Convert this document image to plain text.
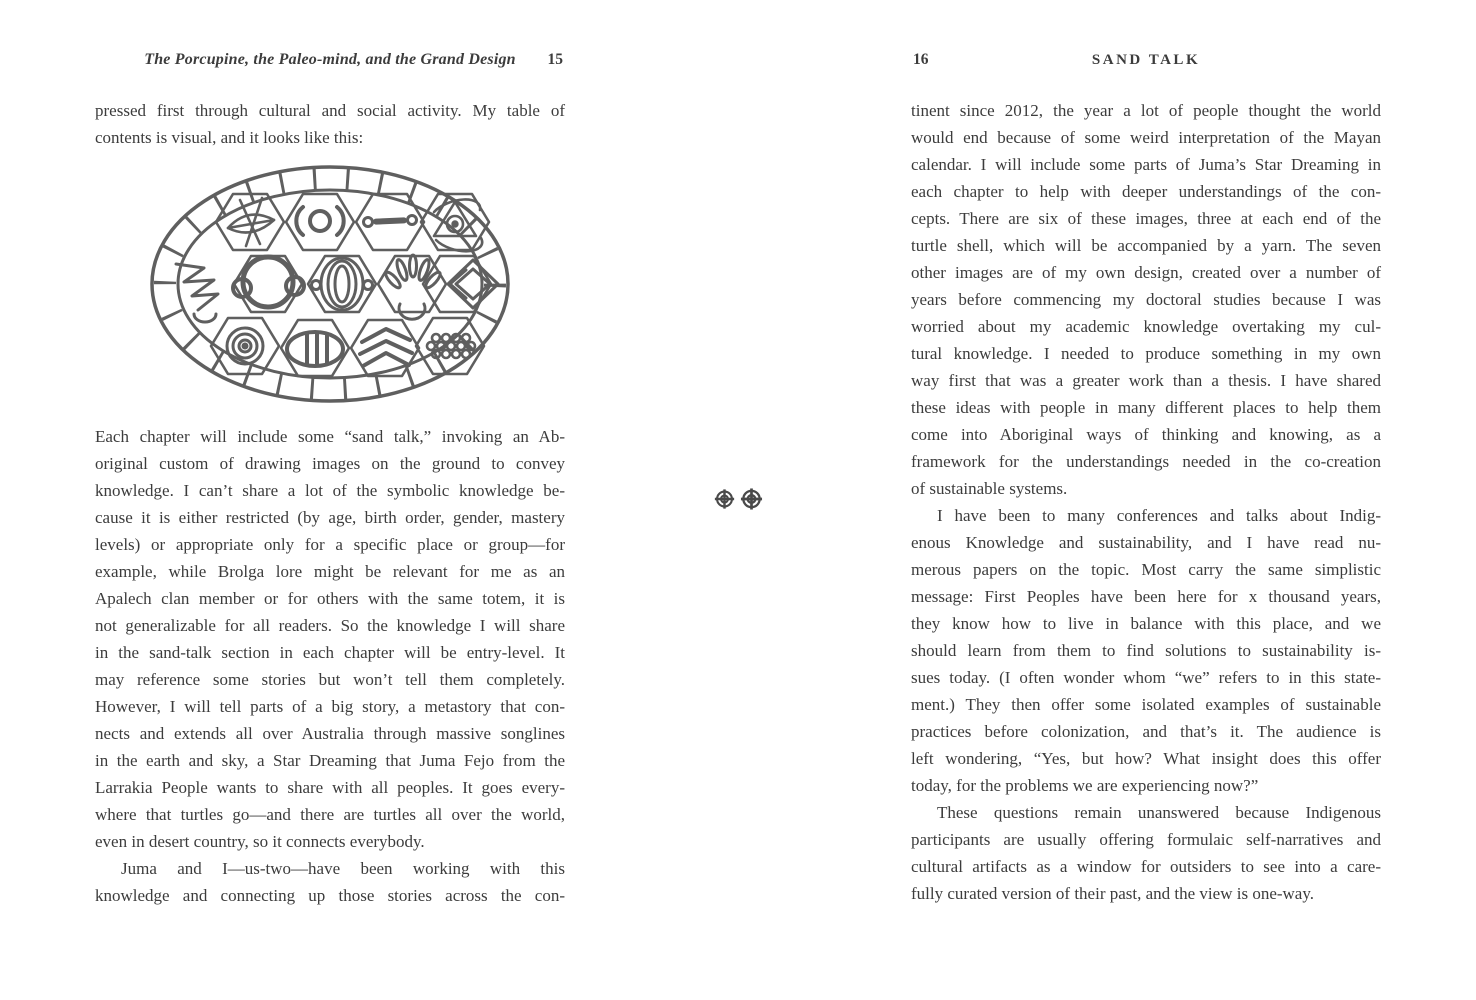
The Porcupine, the Paleo-mind, and the Grand Design	15
pressed first through cultural and social activity. My table of
contents is visual, and it looks like this:
Each chapter will include some “sand talk,” invoking an Ab-
original custom of drawing images on the ground to convey
knowledge. I can’t share a lot of the symbolic knowledge be-
cause it is either restricted (by age, birth order, gender, mastery
levels) or appropriate only for a specific place or group—for
example, while Brolga lore might be relevant for me as an
Apalech clan member or for others with the same totem, it is
not generalizable for all readers. So the knowledge I will share
in the sand-talk section in each chapter will be entry-level. It
may reference some stories but won’t tell them completely.
However, I will tell parts of a big story, a metastory that con-
nects and extends all over Australia through massive songlines
in the earth and sky, a Star Dreaming that Juma Fejo from the
Larrakia People wants to share with all peoples. It goes every-
where that turtles go—and there are turtles all over the world,
even in desert country, so it connects everybody.
Juma and I—us-two—have been working with this
knowledge and connecting up those stories across the con-
16	SAND TALK
tinent since 2012, the year a lot of people thought the world
would end because of some weird interpretation of the Mayan
calendar. I will include some parts of Juma’s Star Dreaming in
each chapter to help with deeper understandings of the con-
cepts. There are six of these images, three at each end of the
turtle shell, which will be accompanied by a yarn. The seven
other images are of my own design, created over a number of
years before commencing my doctoral studies because I was
worried about my academic knowledge overtaking my cul-
tural knowledge. I needed to produce something in my own
way first that was a greater work than a thesis. I have shared
these ideas with people in many different places to help them
come into Aboriginal ways of thinking and knowing, as a
framework for the understandings needed in the co-creation
of sustainable systems.
I have been to many conferences and talks about Indig-
enous Knowledge and sustainability, and I have read nu-
merous papers on the topic. Most carry the same simplistic
message: First Peoples have been here for x thousand years,
they know how to live in balance with this place, and we
should learn from them to find solutions to sustainability is-
sues today. (I often wonder whom “we” refers to in this state-
ment.) They then offer some isolated examples of sustainable
practices before colonization, and that’s it. The audience is
left wondering, “Yes, but how? What insight does this offer
today, for the problems we are experiencing now?”
These questions remain unanswered because Indigenous
participants are usually offering formulaic self-narratives and
cultural artifacts as a window for outsiders to see into a care-
fully curated version of their past, and the view is one-way.
